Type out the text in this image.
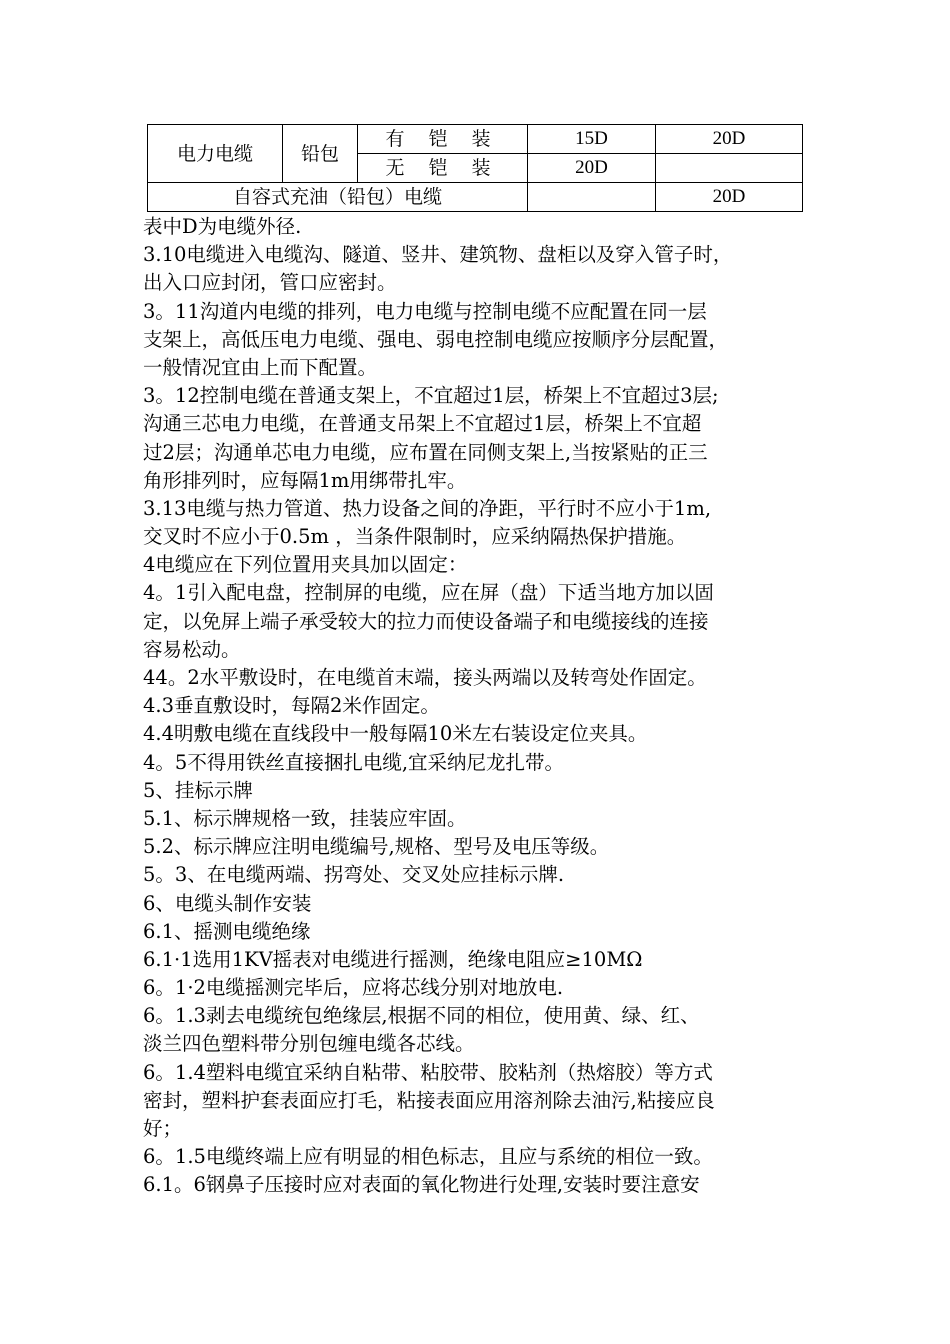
电力电缆	铅包	有 铠 装	15D	20D
		无 铠 装	20D	
自容式充油（铅包）电缆				20D
表中D为电缆外径.
3.10电缆进入电缆沟、隧道、竖井、建筑物、盘柜以及穿入管子时，
出入口应封闭，管口应密封。
3。11沟道内电缆的排列，电力电缆与控制电缆不应配置在同一层
支架上，高低压电力电缆、强电、弱电控制电缆应按顺序分层配置，
一般情况宜由上而下配置。
3。12控制电缆在普通支架上，不宜超过1层，桥架上不宜超过3层;
沟通三芯电力电缆，在普通支吊架上不宜超过1层，桥架上不宜超
过2层；沟通单芯电力电缆，应布置在同侧支架上,当按紧贴的正三
角形排列时，应每隔1m用绑带扎牢。
3.13电缆与热力管道、热力设备之间的净距，平行时不应小于1m,
交叉时不应小于0.5m ，当条件限制时，应采纳隔热保护措施。
4电缆应在下列位置用夹具加以固定：
4。1引入配电盘，控制屏的电缆，应在屏（盘）下适当地方加以固
定，以免屏上端子承受较大的拉力而使设备端子和电缆接线的连接
容易松动。
44。2水平敷设时，在电缆首末端，接头两端以及转弯处作固定。
4.3垂直敷设时，每隔2米作固定。
4.4明敷电缆在直线段中一般每隔10米左右装设定位夹具。
4。5不得用铁丝直接捆扎电缆,宜采纳尼龙扎带。
5、挂标示牌
5.1、标示牌规格一致，挂装应牢固。
5.2、标示牌应注明电缆编号,规格、型号及电压等级。
5。3、在电缆两端、拐弯处、交叉处应挂标示牌.
6、电缆头制作安装
6.1、摇测电缆绝缘
6.1·1选用1KV摇表对电缆进行摇测，绝缘电阻应≥10MΩ
6。1·2电缆摇测完毕后，应将芯线分别对地放电.
6。1.3剥去电缆统包绝缘层,根据不同的相位，使用黄、绿、红、
淡兰四色塑料带分别包缠电缆各芯线。
6。1.4塑料电缆宜采纳自粘带、粘胶带、胶粘剂（热熔胶）等方式
密封，塑料护套表面应打毛，粘接表面应用溶剂除去油污,粘接应良
好；
6。1.5电缆终端上应有明显的相色标志，且应与系统的相位一致。
6.1。6钢鼻子压接时应对表面的氧化物进行处理,安装时要注意安
